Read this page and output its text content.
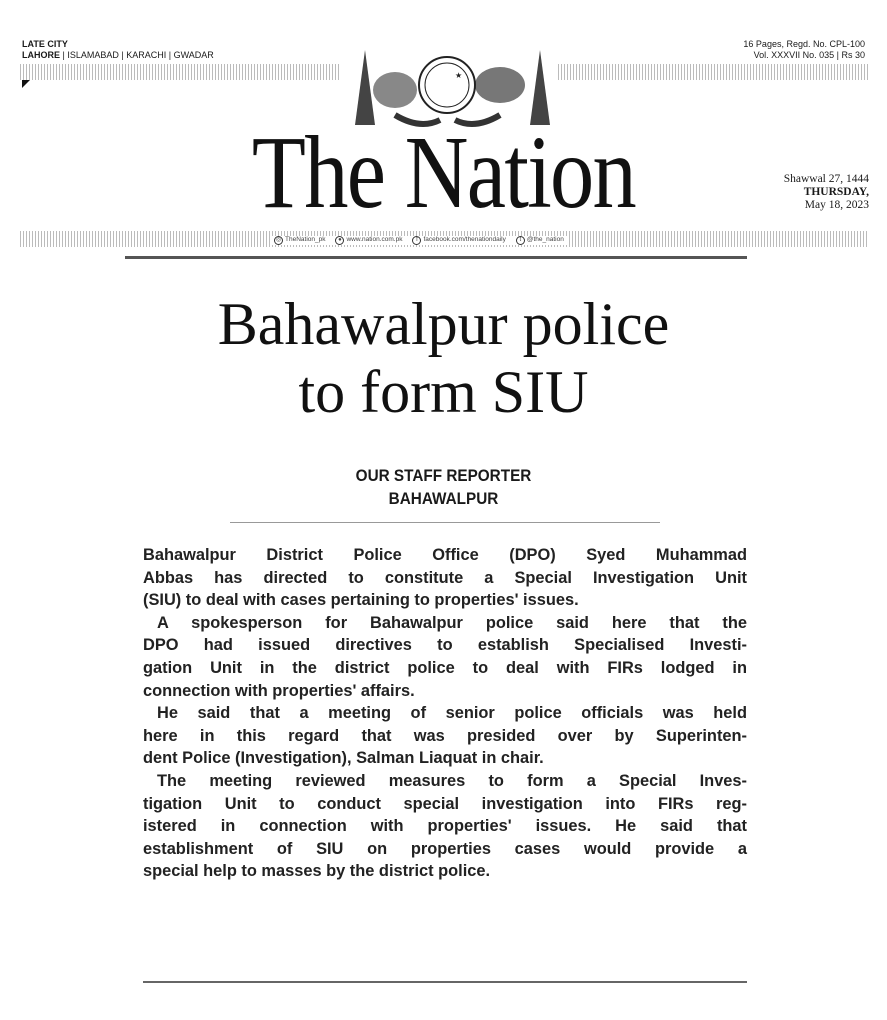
LATE CITY
LAHORE | ISLAMABAD | KARACHI | GWADAR
16 Pages, Regd. No. CPL-100
Vol. XXXVII No. 035 | Rs 30
★
The Nation	Shawwal 27, 1444
THURSDAY,
May 18, 2023
◎ TheNation_pk	● www.nation.com.pk	f facebook.com/thenationdaily	t @the_nation
Bahawalpur police
to form SIU
OUR STAFF REPORTER
BAHAWALPUR
Bahawalpur District Police Office (DPO) Syed Muhammad
Abbas has directed to constitute a Special Investigation Unit
(SIU) to deal with cases pertaining to properties' issues.
A spokesperson for Bahawalpur police said here that the
DPO had issued directives to establish Specialised Investi-
gation Unit in the district police to deal with FIRs lodged in
connection with properties' affairs.
He said that a meeting of senior police officials was held
here in this regard that was presided over by Superinten-
dent Police (Investigation), Salman Liaquat in chair.
The meeting reviewed measures to form a Special Inves-
tigation Unit to conduct special investigation into FIRs reg-
istered in connection with properties' issues. He said that
establishment of SIU on properties cases would provide a
special help to masses by the district police.
